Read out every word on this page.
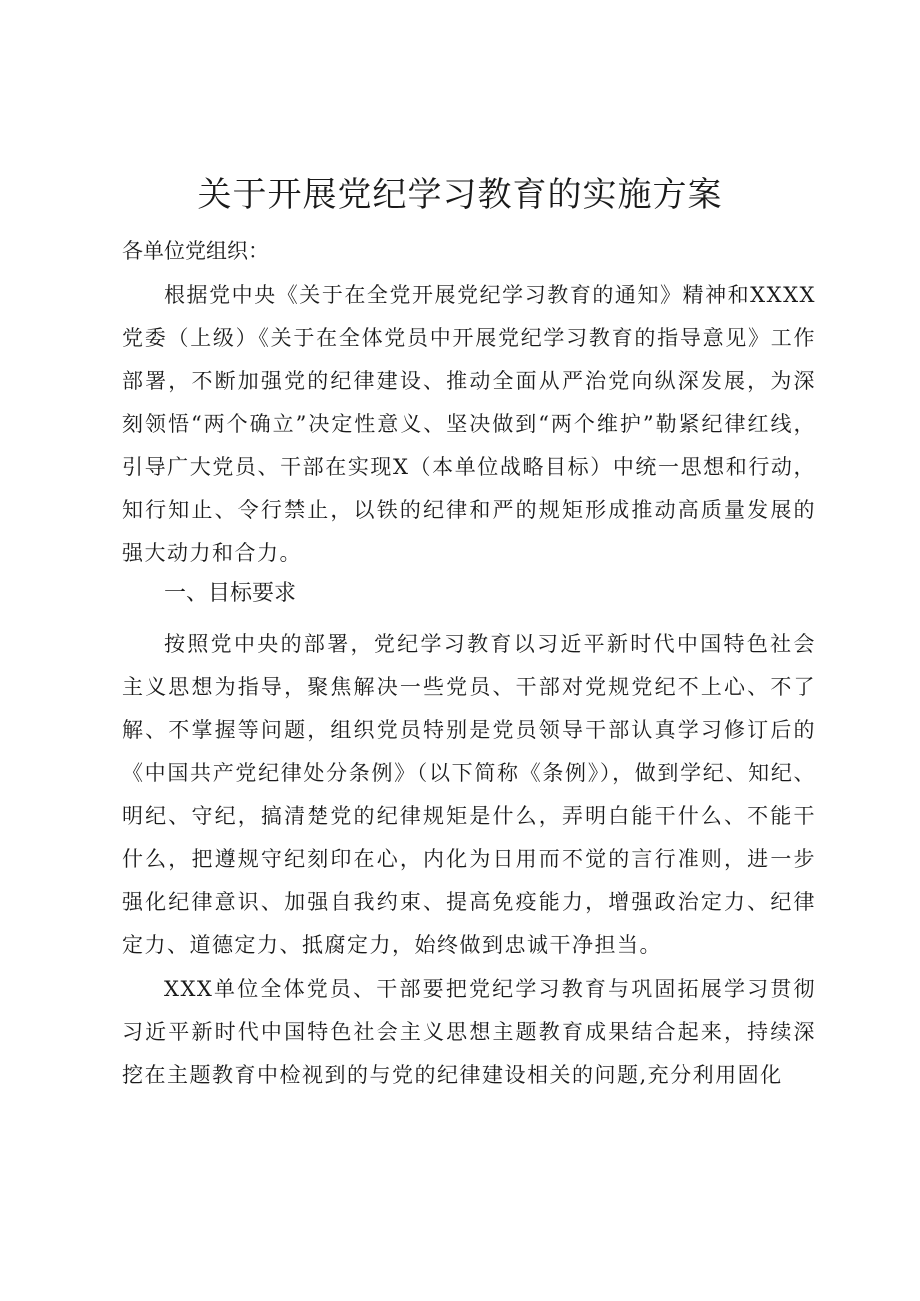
关于开展党纪学习教育的实施方案

各单位党组织：

根据党中央《关于在全党开展党纪学习教育的通知》精神和XXXX党委（上级）《关于在全体党员中开展党纪学习教育的指导意见》工作部署，不断加强党的纪律建设、推动全面从严治党向纵深发展，为深刻领悟“两个确立”决定性意义、坚决做到“两个维护”勒紧纪律红线，引导广大党员、干部在实现X（本单位战略目标）中统一思想和行动，知行知止、令行禁止，以铁的纪律和严的规矩形成推动高质量发展的强大动力和合力。

一、目标要求

按照党中央的部署，党纪学习教育以习近平新时代中国特色社会主义思想为指导，聚焦解决一些党员、干部对党规党纪不上心、不了解、不掌握等问题，组织党员特别是党员领导干部认真学习修订后的《中国共产党纪律处分条例》（以下简称《条例》），做到学纪、知纪、明纪、守纪，搞清楚党的纪律规矩是什么，弄明白能干什么、不能干什么，把遵规守纪刻印在心，内化为日用而不觉的言行准则，进一步强化纪律意识、加强自我约束、提高免疫能力，增强政治定力、纪律定力、道德定力、抵腐定力，始终做到忠诚干净担当。

XXX单位全体党员、干部要把党纪学习教育与巩固拓展学习贯彻习近平新时代中国特色社会主义思想主题教育成果结合起来，持续深挖在主题教育中检视到的与党的纪律建设相关的问题,充分利用固化
